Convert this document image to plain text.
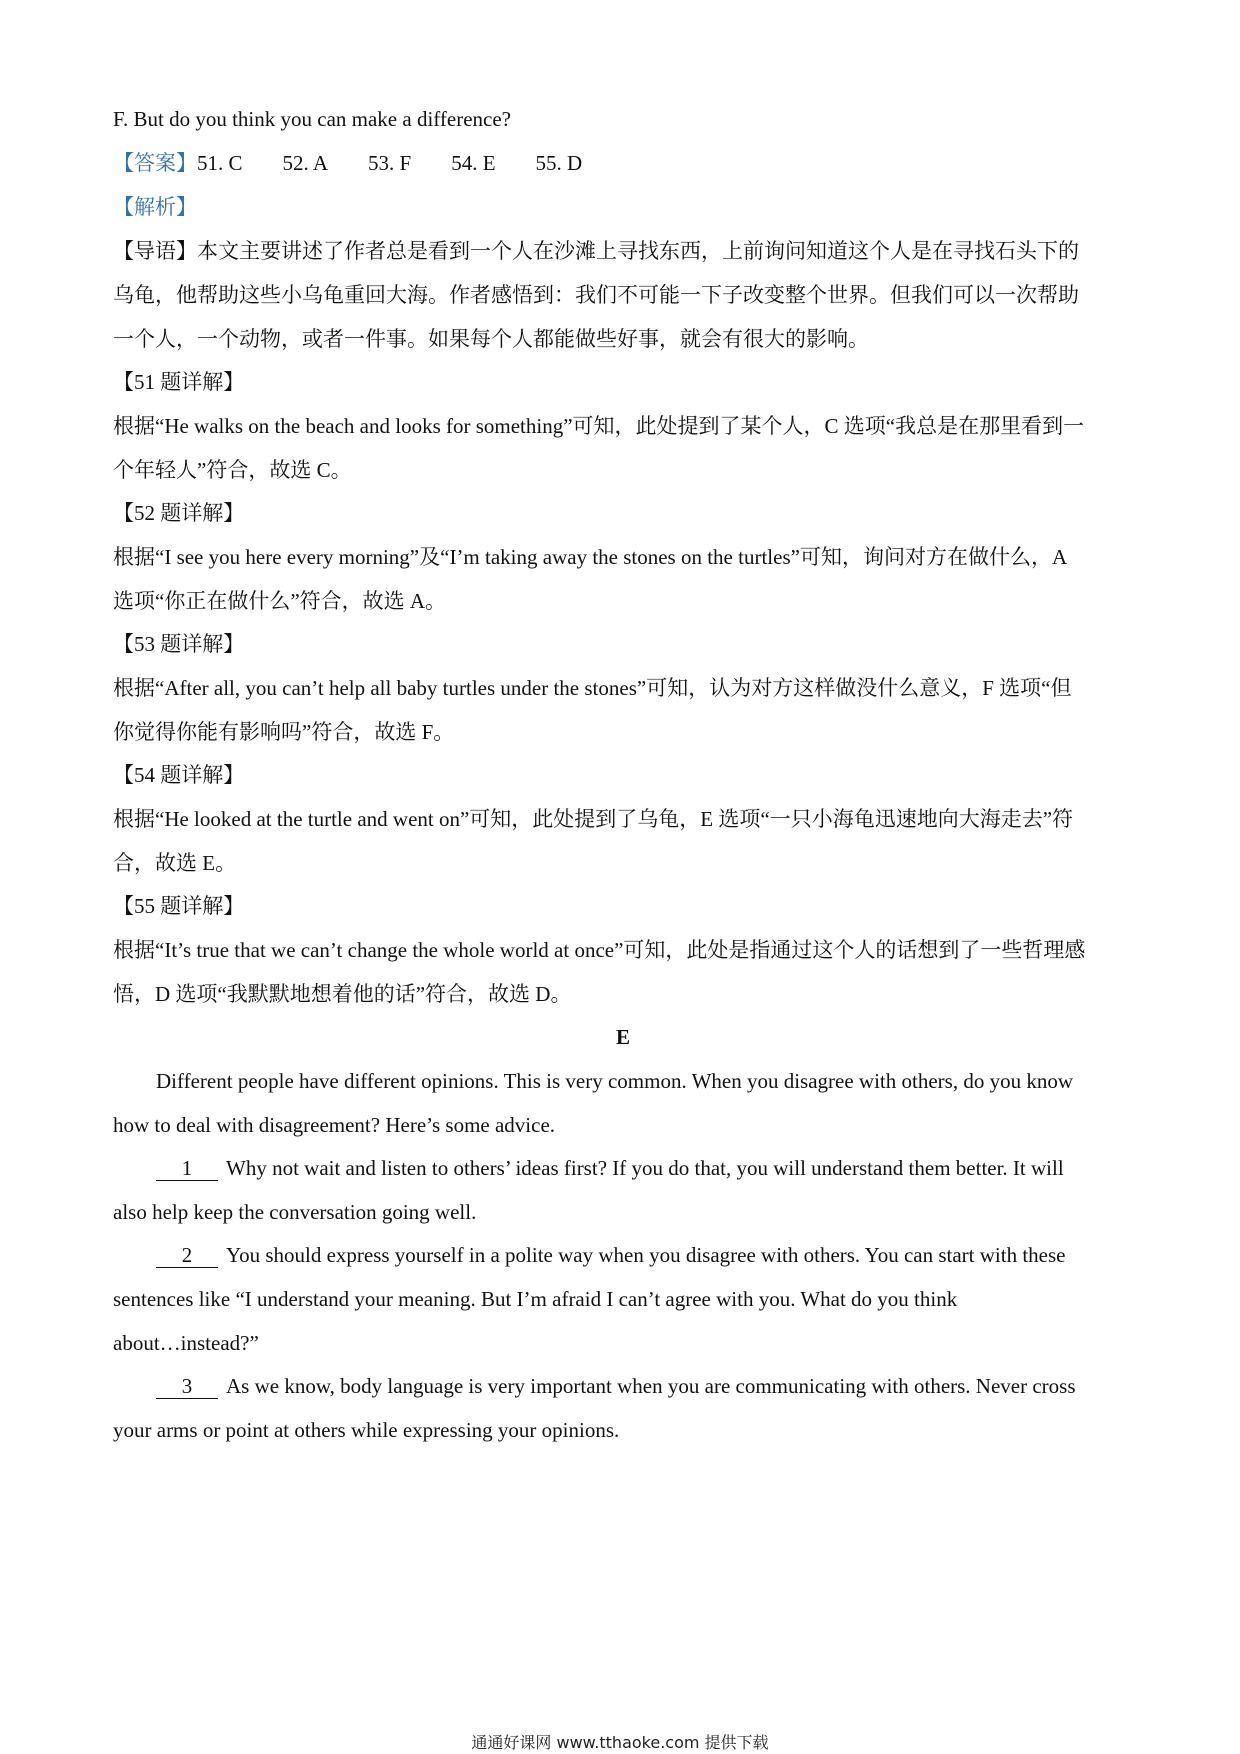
F. But do you think you can make a difference?
【答案】51. C 52. A 53. F 54. E 55. D
【解析】
【导语】本文主要讲述了作者总是看到一个人在沙滩上寻找东西，上前询问知道这个人是在寻找石头下的
乌龟，他帮助这些小乌龟重回大海。作者感悟到：我们不可能一下子改变整个世界。但我们可以一次帮助
一个人，一个动物，或者一件事。如果每个人都能做些好事，就会有很大的影响。
【51 题详解】
根据“He walks on the beach and looks for something”可知，此处提到了某个人，C 选项“我总是在那里看到一
个年轻人”符合，故选 C。
【52 题详解】
根据“I see you here every morning”及“I’m taking away the stones on the turtles”可知，询问对方在做什么，A
选项“你正在做什么”符合，故选 A。
【53 题详解】
根据“After all, you can’t help all baby turtles under the stones”可知，认为对方这样做没什么意义，F 选项“但
你觉得你能有影响吗”符合，故选 F。
【54 题详解】
根据“He looked at the turtle and went on”可知，此处提到了乌龟，E 选项“一只小海龟迅速地向大海走去”符
合，故选 E。
【55 题详解】
根据“It’s true that we can’t change the whole world at once”可知，此处是指通过这个人的话想到了一些哲理感
悟，D 选项“我默默地想着他的话”符合，故选 D。
E
Different people have different opinions. This is very common. When you disagree with others, do you know
how to deal with disagreement? Here’s some advice.
1 Why not wait and listen to others’ ideas first? If you do that, you will understand them better. It will
also help keep the conversation going well.
2 You should express yourself in a polite way when you disagree with others. You can start with these
sentences like “I understand your meaning. But I’m afraid I can’t agree with you. What do you think
about…instead?”
3 As we know, body language is very important when you are communicating with others. Never cross
your arms or point at others while expressing your opinions.
通通好课网 www.tthaoke.com 提供下载
